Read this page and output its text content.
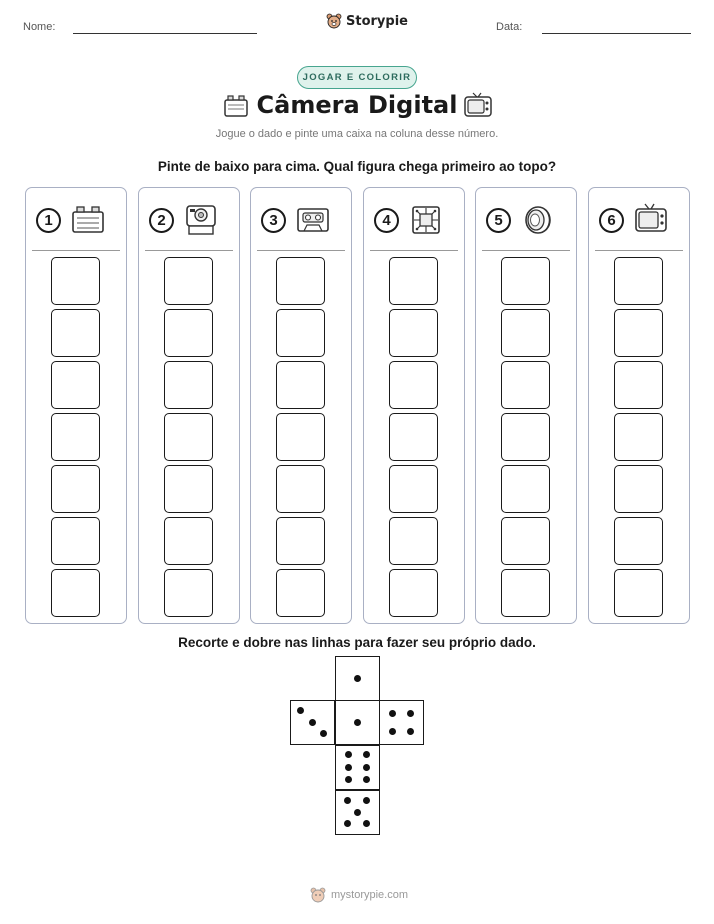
Nome:	Storypie	Data:
JOGAR E COLORIR
Câmera Digital
Jogue o dado e pinte uma caixa na coluna desse número.
Pinte de baixo para cima. Qual figura chega primeiro ao topo?
1	2	3	4	5	6
Recorte e dobre nas linhas para fazer seu próprio dado.
mystorypie.com
